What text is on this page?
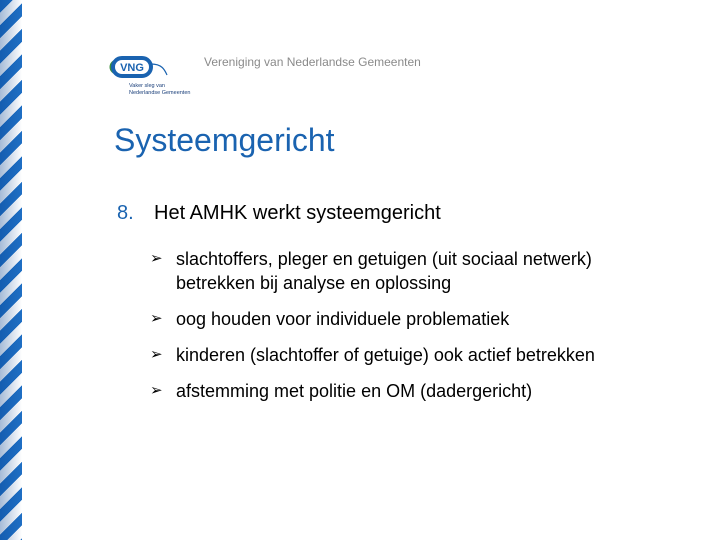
VNG
Vaker sleg van
Nederlandse Gemeenten
Vereniging van Nederlandse Gemeenten
Systeemgericht
8. Het AMHK werkt systeemgericht
➢ slachtoffers, pleger en getuigen (uit sociaal netwerk)
betrekken bij analyse en oplossing
➢ oog houden voor individuele problematiek
➢ kinderen (slachtoffer of getuige) ook actief betrekken
➢ afstemming met politie en OM (dadergericht)
